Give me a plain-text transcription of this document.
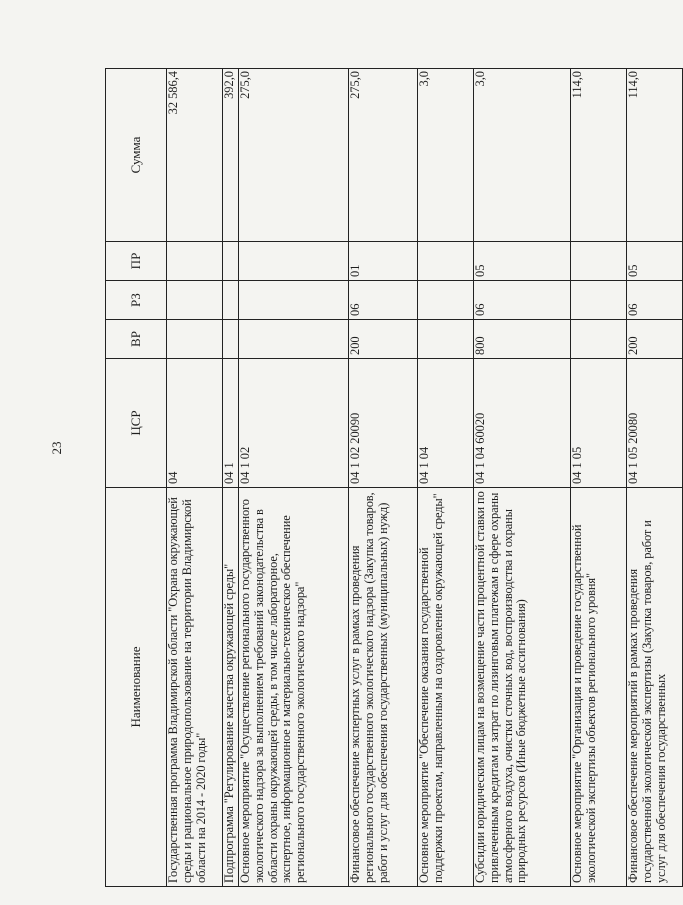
23
Наименование	ЦСР	ВР	РЗ	ПР	Сумма
Государственная программа Владимирской области "Охрана окружающей среды и рациональное природопользование на территории Владимирской области на 2014 - 2020 годы"	04				32 586,4
Подпрограмма "Регулирование качества окружающей среды"	04 1				392,0
Основное мероприятие "Осуществление регионального государственного экологического надзора за выполнением требований законодательства в области охраны окружающей среды, в том числе лабораторное, экспертное, информационное и материально-техническое обеспечение регионального государственного экологического надзора"	04 1 02				275,0
Финансовое обеспечение экспертных услуг в рамках проведения регионального государственного экологического надзора (Закупка товаров, работ и услуг для обеспечения государственных (муниципальных) нужд)	04 1 02 20090	200	06	01	275,0
Основное мероприятие "Обеспечение оказания государственной поддержки проектам, направленным на оздоровление окружающей среды"	04 1 04				3,0
Субсидии юридическим лицам на возмещение части процентной ставки по привлеченным кредитам и затрат по лизинговым платежам в сфере охраны атмосферного воздуха, очистки сточных вод, воспроизводства и охраны природных ресурсов (Иные бюджетные ассигнования)	04 1 04 60020	800	06	05	3,0
Основное мероприятие "Организация и проведение государственной экологической экспертизы объектов регионального уровня"	04 1 05				114,0
Финансовое обеспечение мероприятий в рамках проведения государственной экологической экспертизы (Закупка товаров, работ и услуг для обеспечения государственных	04 1 05 20080	200	06	05	114,0
